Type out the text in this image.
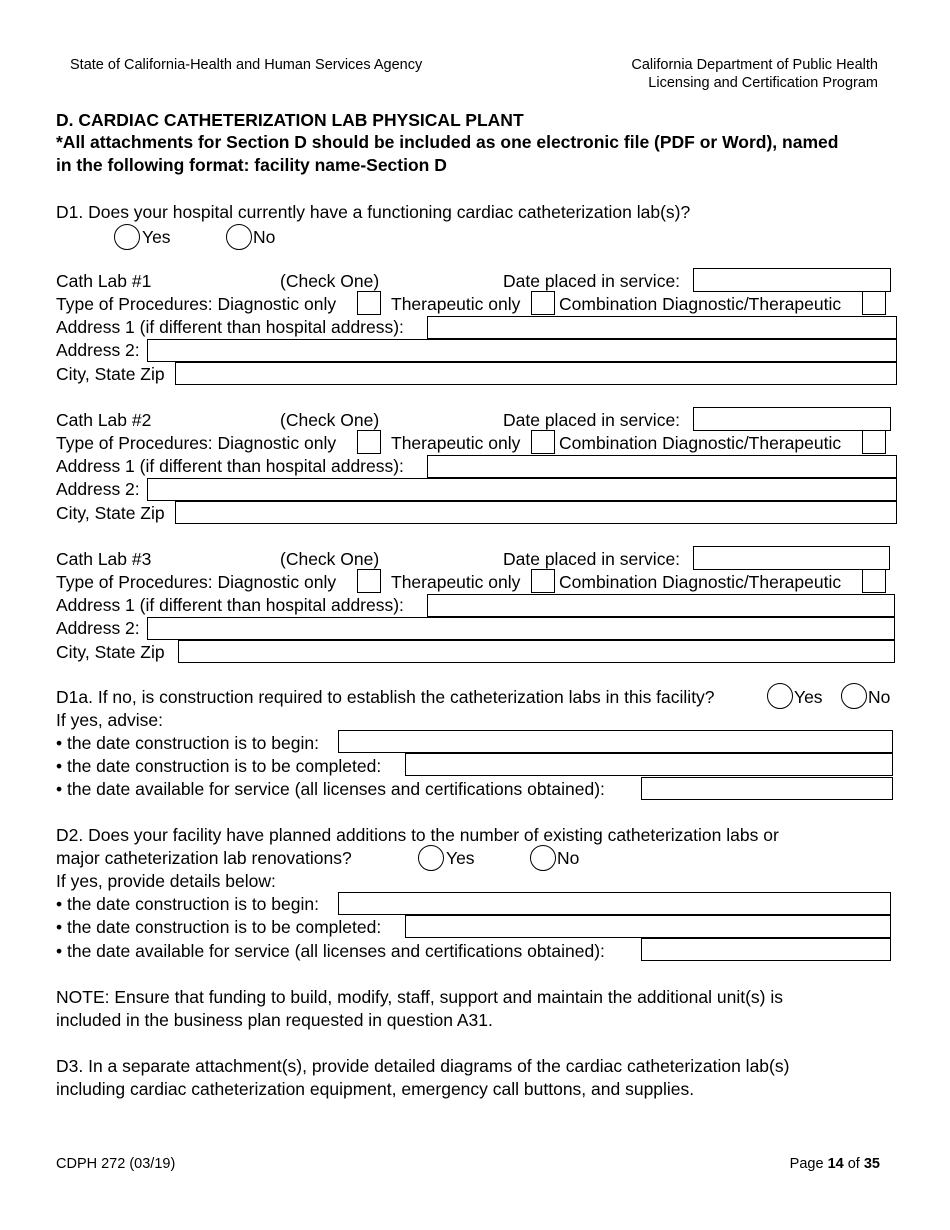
State of California-Health and Human Services Agency	California Department of Public Health
Licensing and Certification Program
D. CARDIAC CATHETERIZATION LAB PHYSICAL PLANT
*All attachments for Section D should be included as one electronic file (PDF or Word), named
in the following format: facility name-Section D
D1. Does your hospital currently have a functioning cardiac catheterization lab(s)?
Yes	No
Cath Lab #1	(Check One)	Date placed in service:
Type of Procedures: Diagnostic only	Therapeutic only Combination Diagnostic/Therapeutic
Address 1 (if different than hospital address):
Address 2:
City, State Zip
Cath Lab #2	(Check One)	Date placed in service:
Type of Procedures: Diagnostic only	Therapeutic only Combination Diagnostic/Therapeutic
Address 1 (if different than hospital address):
Address 2:
City, State Zip
Cath Lab #3	(Check One)	Date placed in service:
Type of Procedures: Diagnostic only	Therapeutic only Combination Diagnostic/Therapeutic
Address 1 (if different than hospital address):
Address 2:
City, State Zip
D1a. If no, is construction required to establish the catheterization labs in this facility?	Yes	No
If yes, advise:
• the date construction is to begin:
• the date construction is to be completed:
• the date available for service (all licenses and certifications obtained):
D2. Does your facility have planned additions to the number of existing catheterization labs or
major catheterization lab renovations?	Yes	No
If yes, provide details below:
• the date construction is to begin:
• the date construction is to be completed:
• the date available for service (all licenses and certifications obtained):
NOTE: Ensure that funding to build, modify, staff, support and maintain the additional unit(s) is
included in the business plan requested in question A31.
D3. In a separate attachment(s), provide detailed diagrams of the cardiac catheterization lab(s)
including cardiac catheterization equipment, emergency call buttons, and supplies.
CDPH 272 (03/19)	Page 14 of 35
